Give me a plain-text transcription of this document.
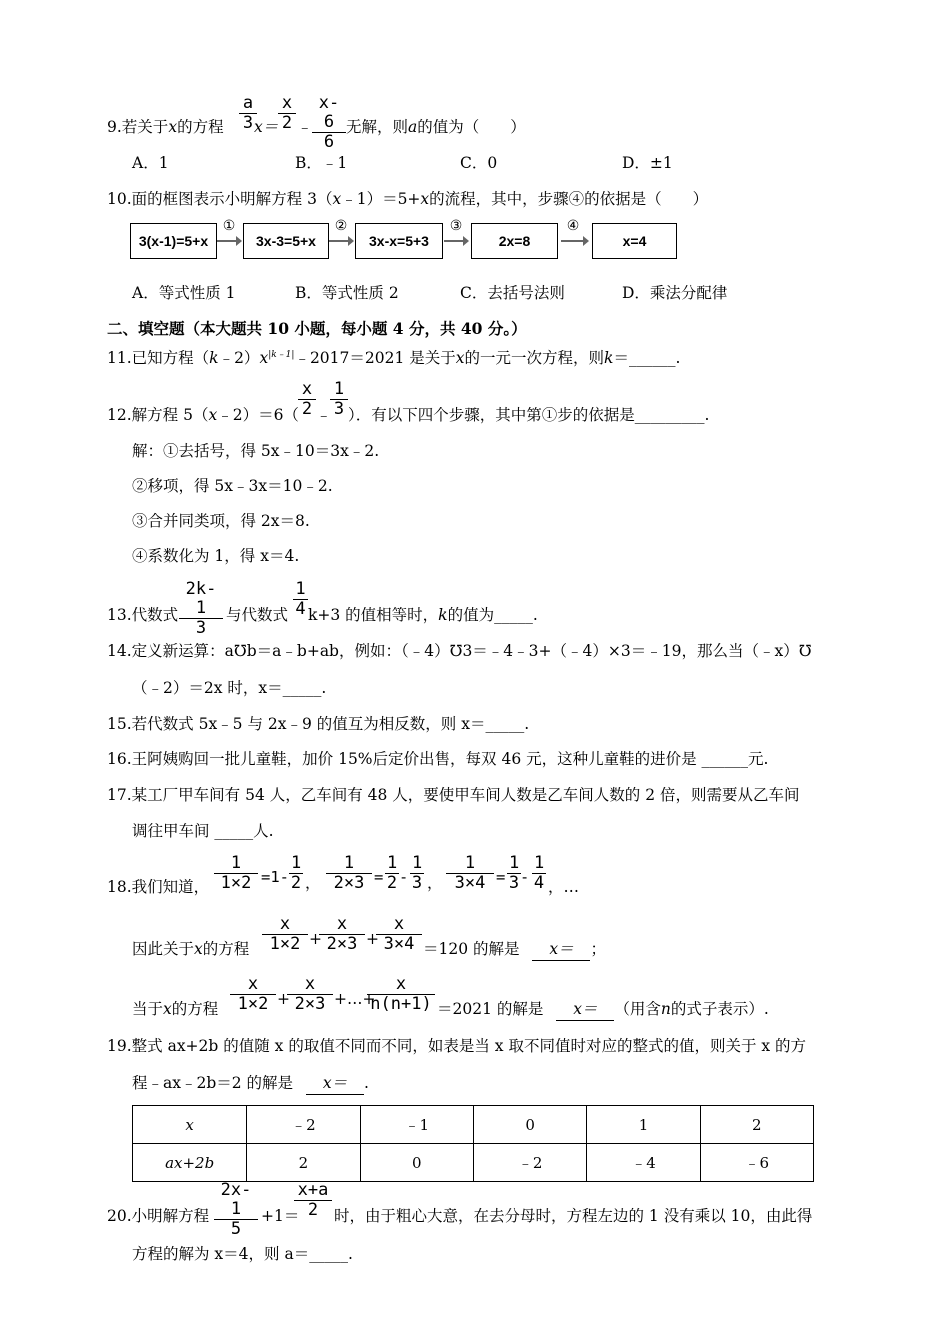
9.若关于x的方程 $\frac{a}{3}$
$x= \frac{x}{2}$ ﹣ $\frac{x-6}{6}$ 无解，则a的值为（　　）
A．1	B．﹣1	C．0	D．±1
10.面的框图表示小明解方程 3（x﹣1）＝5+x的流程，其中，步骤④的依据是（　　）
3(x-1)=5+x	3x-3=5+x	3x-x=5+3	2x=8	x=4
①	②	③	④
A．等式性质 1	B．等式性质 2	C．去括号法则	D．乘法分配律
二、填空题（本大题共 10 小题，每小题 4 分，共 40 分。）
11.已知方程$(k﹣2)x^{|k﹣1|}﹣2017=2021$ 是关于x的一元一次方程，则k＝______.
12.解方程 5（x﹣2）＝6（ $\frac{x}{2}$ ﹣
$\frac{1}{3}$ ）．有以下四个步骤，其中第①步的依据是_________.
解：①去括号，得 5x﹣10＝3x﹣2.
②移项，得 5x﹣3x＝10﹣2.
③合并同类项，得 2x＝8.
④系数化为 1，得 x＝4.
13.代数式 $\frac{2k-1}{3}$ 与代数式 $\frac{1}{4} k+3$ 的值相等时，k的值为_____.
14.定义新运算：a℧b＝a﹣b+ab，例如：（﹣4）℧3＝﹣4﹣3+（﹣4）×3＝﹣19，那么当（﹣x）℧
（﹣2）＝2x 时，x＝_____.
15.若代数式 5x﹣5 与 2x﹣9 的值互为相反数，则 x＝_____.
16.王阿姨购回一批儿童鞋，加价 15%后定价出售，每双 46 元，这种儿童鞋的进价是 ______元.
17.某工厂甲车间有 54 人，乙车间有 48 人，要使甲车间人数是乙车间人数的 2 倍，则需要从乙车间
调往甲车间 _____人.
18.我们知道， $\frac{1}{1\times 2} =1- \frac{1}{2}$ ， $\frac{1}{2\times 3} = \frac{1}{2} - \frac{1}{3}$ ， $\frac{1}{3\times 4} = \frac{1}{3} - \frac{1}{4}$ ，…
因此关于x的方程 $\frac{x}{1\times 2}$ +
$\frac{x}{2\times 3}$ +
$\frac{x}{3\times 4} =120$ 的解是 x＝ ；
当于x的方程 $\frac{x}{1\times 2}$ +
$\frac{x}{2\times 3}$ +…+
$\frac{x}{n(n+1)} =2021$ 的解是 x＝ （用含n的式子表示）.
19.整式 ax+2b 的值随 x 的取值不同而不同，如表是当 x 取不同值时对应的整式的值，则关于 x 的方
程﹣ax﹣2b＝2 的解是 x＝ .
x	﹣2	﹣1	0	1	2
ax+2b	2	0	﹣2	﹣4	﹣6
20.小明解方程 $\frac{2x-1}{5} +1=$
$\frac{x+a}{2}$ 时，由于粗心大意，在去分母时，方程左边的 1 没有乘以 10，由此得
方程的解为 x＝4，则 a＝_____.
